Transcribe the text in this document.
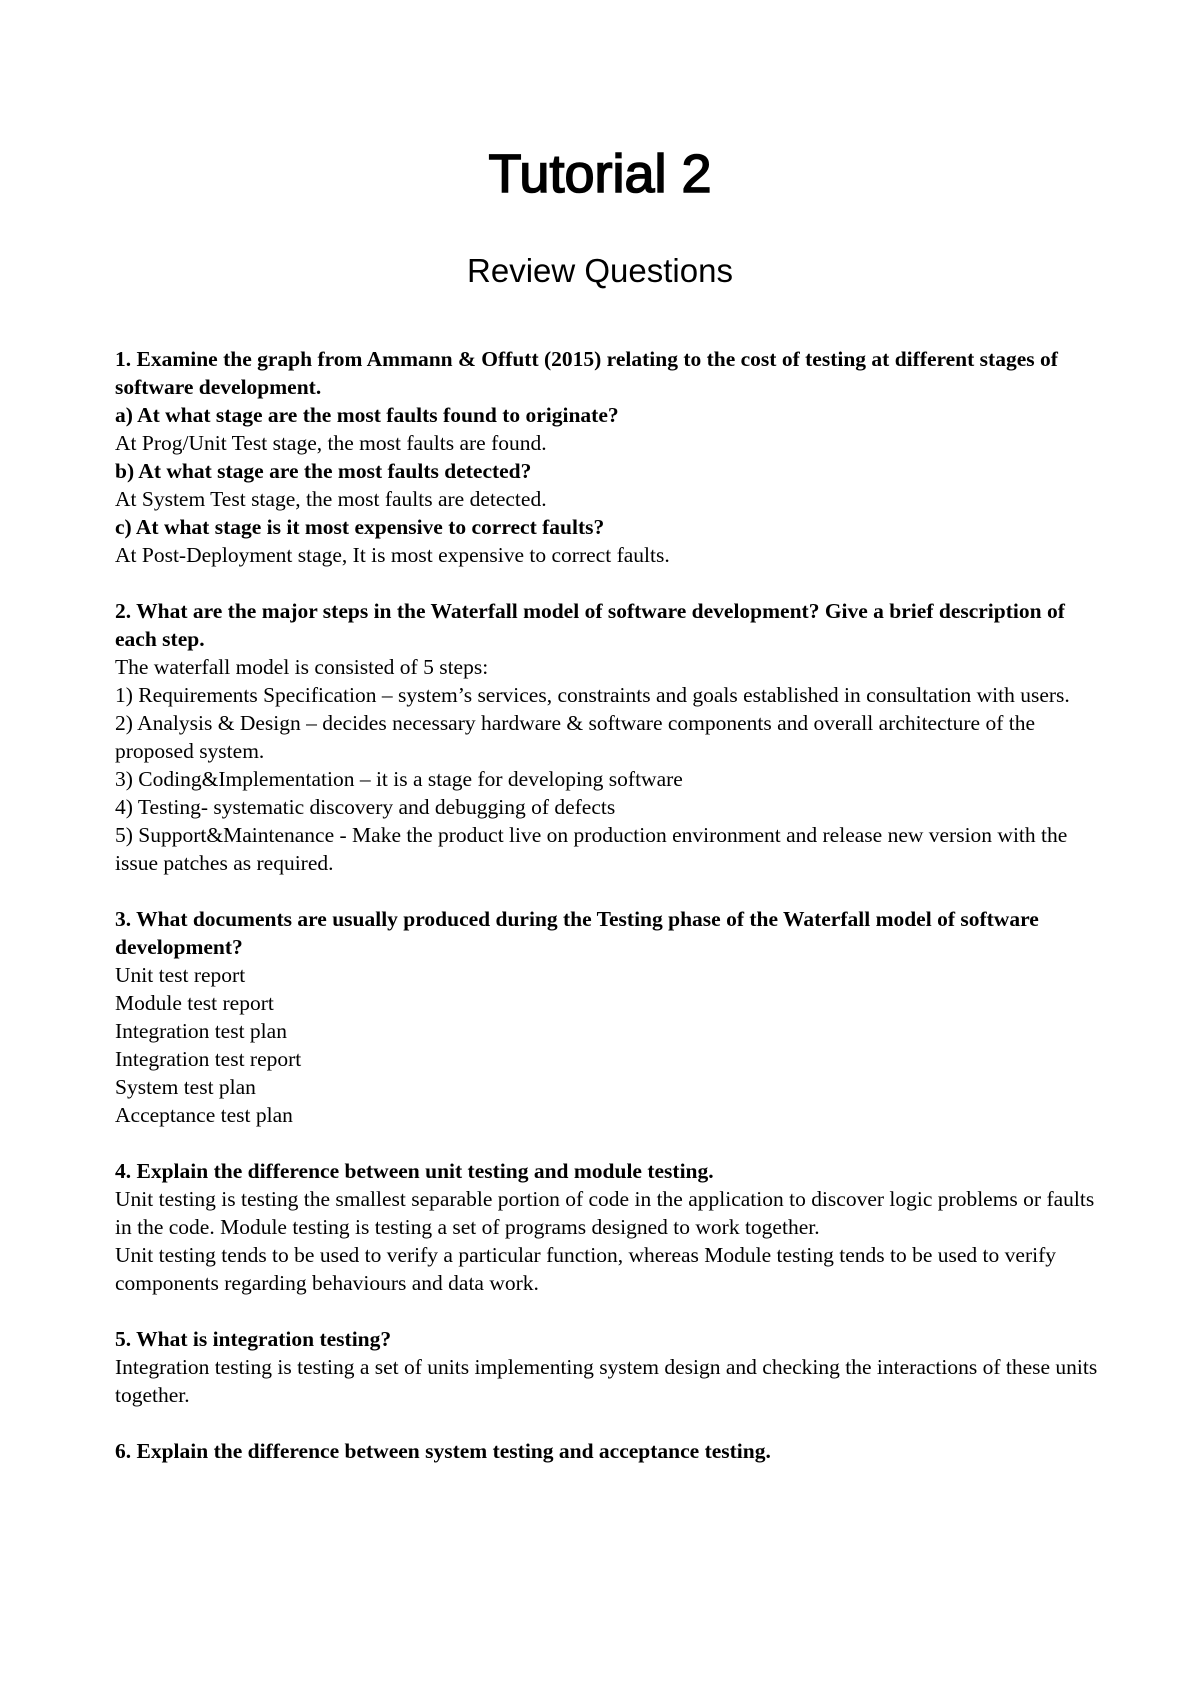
Tutorial 2
Review Questions

1. Examine the graph from Ammann & Offutt (2015) relating to the cost of testing at different stages of software development.

a) At what stage are the most faults found to originate?

At Prog/Unit Test stage, the most faults are found.

b) At what stage are the most faults detected?

At System Test stage, the most faults are detected.

c) At what stage is it most expensive to correct faults?

At Post-Deployment stage, It is most expensive to correct faults.

2. What are the major steps in the Waterfall model of software development? Give a brief description of each step.

The waterfall model is consisted of 5 steps:

1) Requirements Specification – system’s services, constraints and goals established in consultation with users.
2) Analysis & Design – decides necessary hardware & software components and overall architecture of the proposed system.
3) Coding&Implementation – it is a stage for developing software
4) Testing- systematic discovery and debugging of defects
5) Support&Maintenance - Make the product live on production environment and release new version with the issue patches as required.

3. What documents are usually produced during the Testing phase of the Waterfall model of software development?

Unit test report
Module test report
Integration test plan
Integration test report
System test plan
Acceptance test plan

4. Explain the difference between unit testing and module testing.

Unit testing is testing the smallest separable portion of code in the application to discover logic problems or faults in the code. Module testing is testing a set of programs designed to work together.

Unit testing tends to be used to verify a particular function, whereas Module testing tends to be used to verify components regarding behaviours and data work.

5. What is integration testing?

Integration testing is testing a set of units implementing system design and checking the interactions of these units together.

6. Explain the difference between system testing and acceptance testing.
